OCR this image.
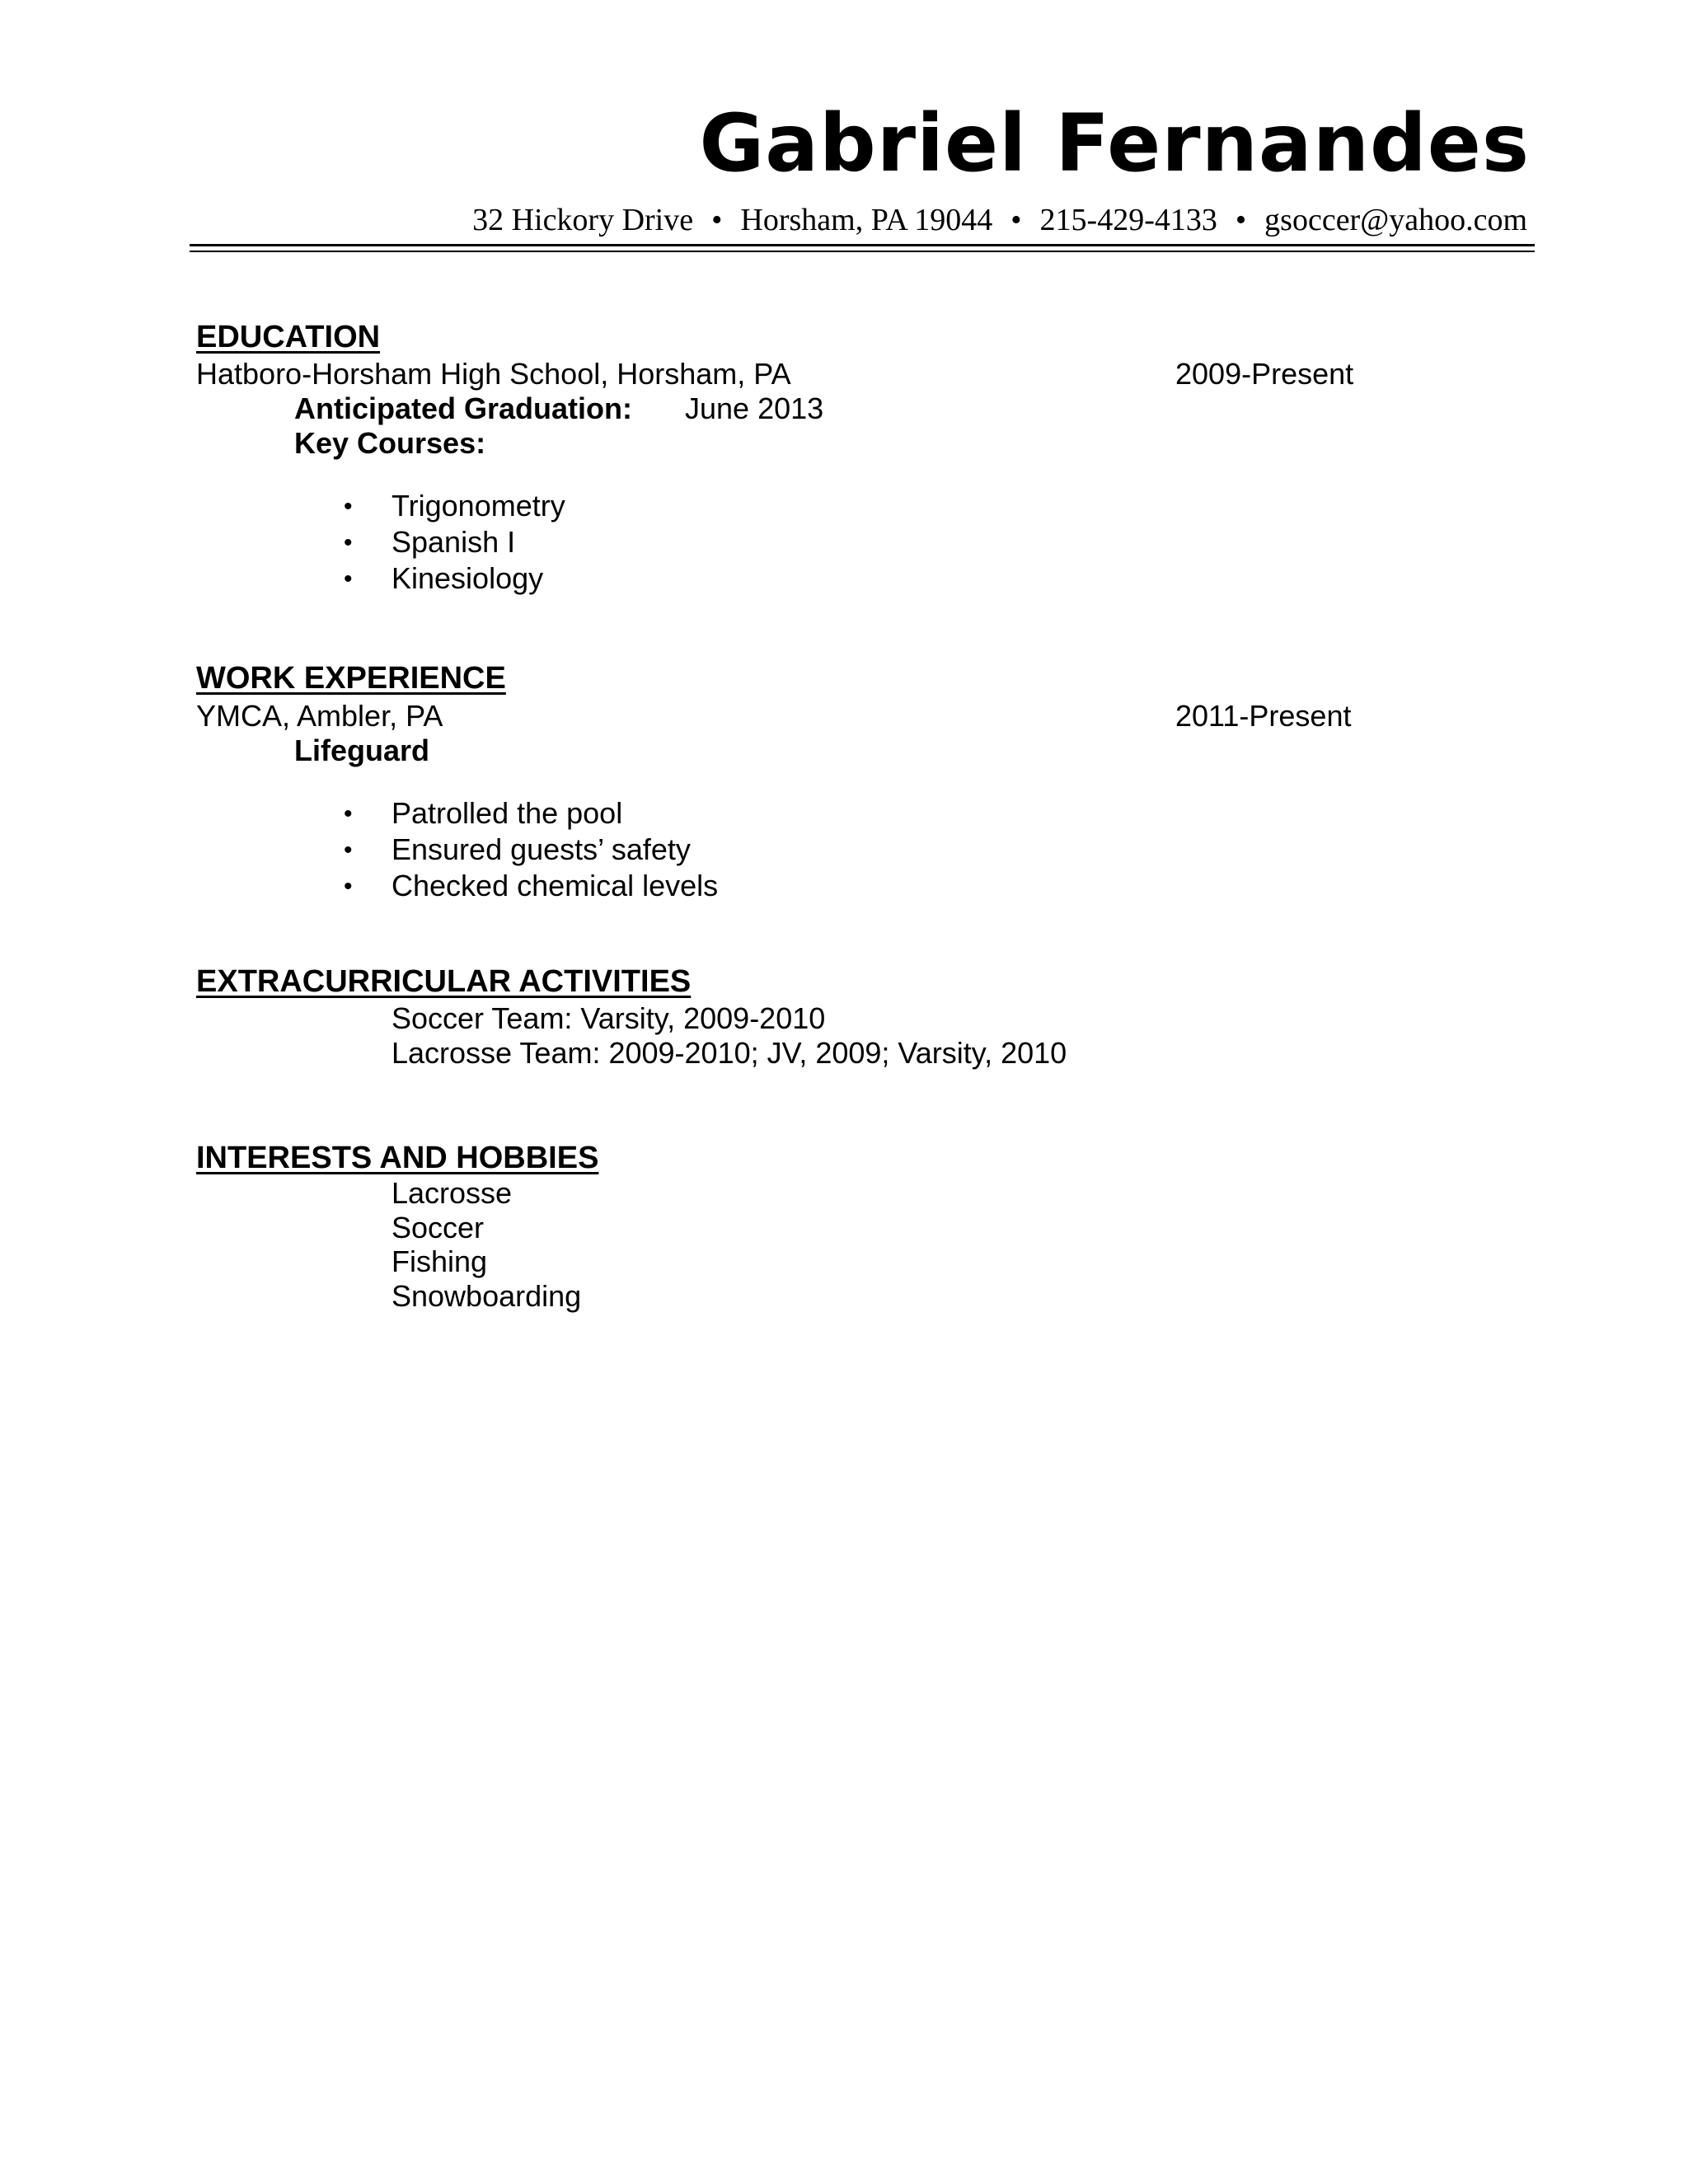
Gabriel Fernandes
32 Hickory Drive • Horsham, PA 19044 • 215-429-4133 • gsoccer@yahoo.com
EDUCATION
Hatboro-Horsham High School, Horsham, PA	2009-Present
Anticipated Graduation: June 2013
Key Courses:
• Trigonometry
• Spanish I
• Kinesiology
WORK EXPERIENCE
YMCA, Ambler, PA	2011-Present
Lifeguard
• Patrolled the pool
• Ensured guests’ safety
• Checked chemical levels
EXTRACURRICULAR ACTIVITIES
Soccer Team: Varsity, 2009-2010
Lacrosse Team: 2009-2010; JV, 2009; Varsity, 2010
INTERESTS AND HOBBIES
Lacrosse
Soccer
Fishing
Snowboarding
